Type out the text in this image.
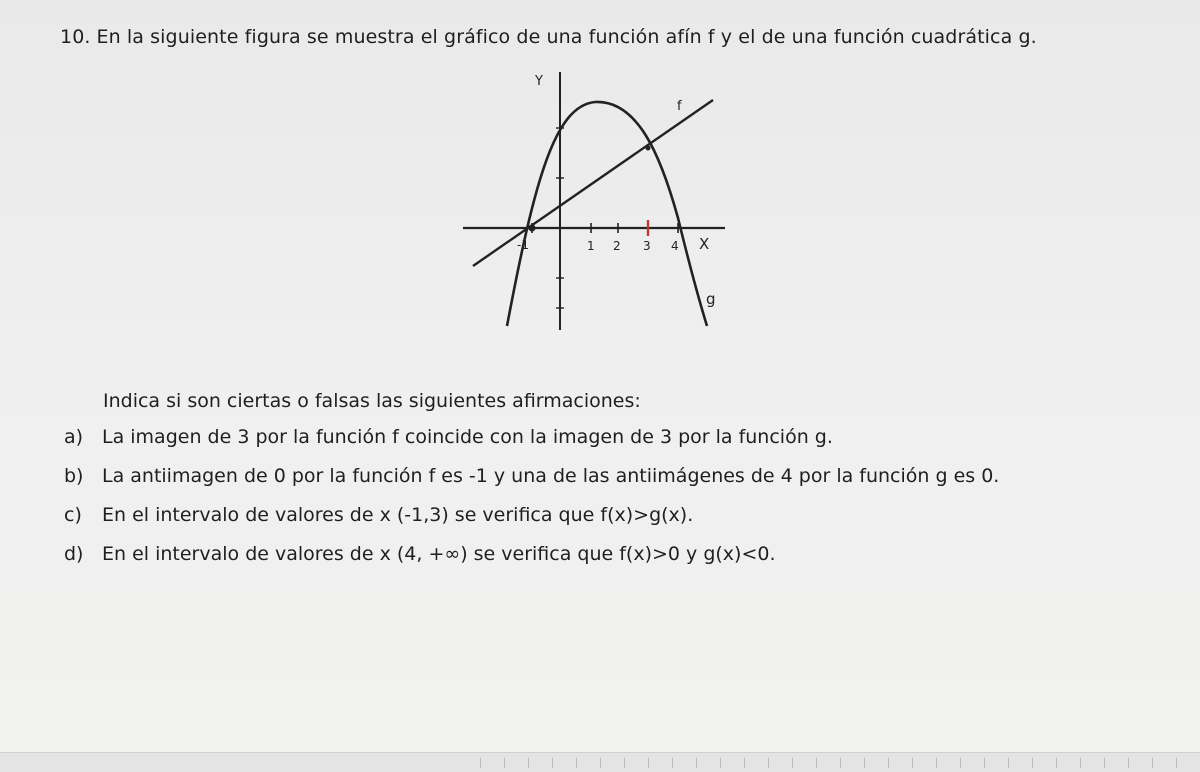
10. En la siguiente figura se muestra el gráfico de una función afín f y el de una función cuadrática g.
Y
X
-1	1 2 3 4
f
g
Indica si son ciertas o falsas las siguientes afirmaciones:
a) La imagen de 3 por la función f coincide con la imagen de 3 por la función g.
b) La antiimagen de 0 por la función f es -1 y una de las antiimágenes de 4 por la función g es 0.
c) En el intervalo de valores de x (-1,3) se verifica que f(x)>g(x).
d) En el intervalo de valores de x (4, +∞) se verifica que f(x)>0 y g(x)<0.
